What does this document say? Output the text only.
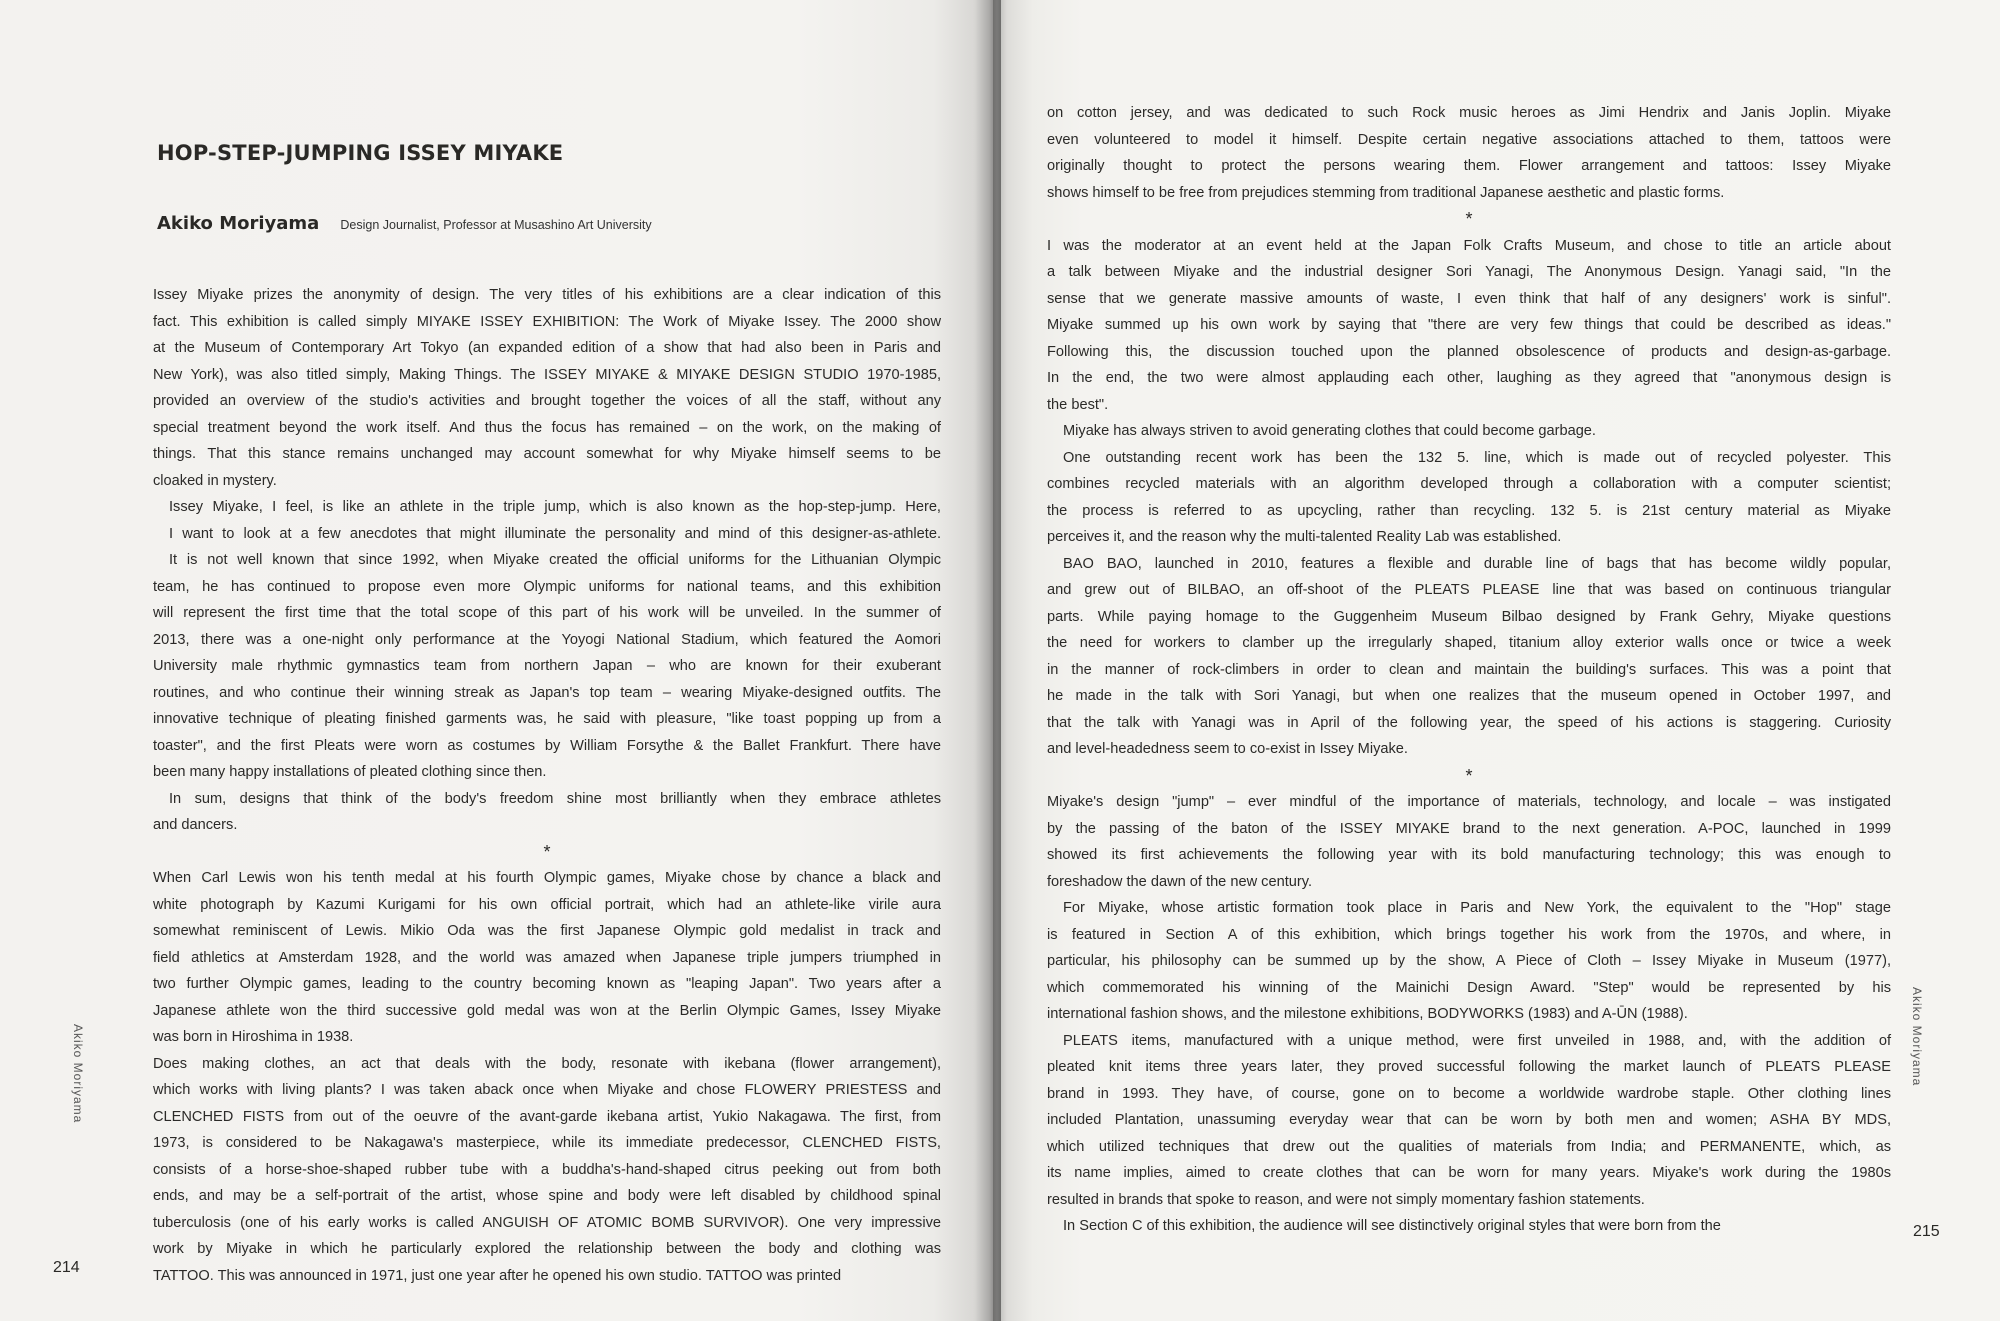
HOP-STEP-JUMPING ISSEY MIYAKE
Akiko Moriyama Design Journalist, Professor at Musashino Art University
Issey Miyake prizes the anonymity of design. The very titles of his exhibitions are a clear indication of this
fact. This exhibition is called simply MIYAKE ISSEY EXHIBITION: The Work of Miyake Issey. The 2000 show
at the Museum of Contemporary Art Tokyo (an expanded edition of a show that had also been in Paris and
New York), was also titled simply, Making Things. The ISSEY MIYAKE & MIYAKE DESIGN STUDIO 1970-1985,
provided an overview of the studio's activities and brought together the voices of all the staff, without any
special treatment beyond the work itself. And thus the focus has remained – on the work, on the making of
things. That this stance remains unchanged may account somewhat for why Miyake himself seems to be
cloaked in mystery.
Issey Miyake, I feel, is like an athlete in the triple jump, which is also known as the hop-step-jump. Here,
I want to look at a few anecdotes that might illuminate the personality and mind of this designer-as-athlete.
It is not well known that since 1992, when Miyake created the official uniforms for the Lithuanian Olympic
team, he has continued to propose even more Olympic uniforms for national teams, and this exhibition
will represent the first time that the total scope of this part of his work will be unveiled. In the summer of
2013, there was a one-night only performance at the Yoyogi National Stadium, which featured the Aomori
University male rhythmic gymnastics team from northern Japan – who are known for their exuberant
routines, and who continue their winning streak as Japan's top team – wearing Miyake-designed outfits. The
innovative technique of pleating finished garments was, he said with pleasure, "like toast popping up from a
toaster", and the first Pleats were worn as costumes by William Forsythe & the Ballet Frankfurt. There have
been many happy installations of pleated clothing since then.
In sum, designs that think of the body's freedom shine most brilliantly when they embrace athletes
and dancers.
*
When Carl Lewis won his tenth medal at his fourth Olympic games, Miyake chose by chance a black and
white photograph by Kazumi Kurigami for his own official portrait, which had an athlete-like virile aura
somewhat reminiscent of Lewis. Mikio Oda was the first Japanese Olympic gold medalist in track and
field athletics at Amsterdam 1928, and the world was amazed when Japanese triple jumpers triumphed in
two further Olympic games, leading to the country becoming known as "leaping Japan". Two years after a
Japanese athlete won the third successive gold medal was won at the Berlin Olympic Games, Issey Miyake
was born in Hiroshima in 1938.
Does making clothes, an act that deals with the body, resonate with ikebana (flower arrangement),
which works with living plants? I was taken aback once when Miyake and chose FLOWERY PRIESTESS and
CLENCHED FISTS from out of the oeuvre of the avant-garde ikebana artist, Yukio Nakagawa. The first, from
1973, is considered to be Nakagawa's masterpiece, while its immediate predecessor, CLENCHED FISTS,
consists of a horse-shoe-shaped rubber tube with a buddha's-hand-shaped citrus peeking out from both
ends, and may be a self-portrait of the artist, whose spine and body were left disabled by childhood spinal
tuberculosis (one of his early works is called ANGUISH OF ATOMIC BOMB SURVIVOR). One very impressive
work by Miyake in which he particularly explored the relationship between the body and clothing was
TATTOO. This was announced in 1971, just one year after he opened his own studio. TATTOO was printed
Akiko Moriyama
214
on cotton jersey, and was dedicated to such Rock music heroes as Jimi Hendrix and Janis Joplin. Miyake
even volunteered to model it himself. Despite certain negative associations attached to them, tattoos were
originally thought to protect the persons wearing them. Flower arrangement and tattoos: Issey Miyake
shows himself to be free from prejudices stemming from traditional Japanese aesthetic and plastic forms.
*
I was the moderator at an event held at the Japan Folk Crafts Museum, and chose to title an article about
a talk between Miyake and the industrial designer Sori Yanagi, The Anonymous Design. Yanagi said, "In the
sense that we generate massive amounts of waste, I even think that half of any designers' work is sinful".
Miyake summed up his own work by saying that "there are very few things that could be described as ideas."
Following this, the discussion touched upon the planned obsolescence of products and design-as-garbage.
In the end, the two were almost applauding each other, laughing as they agreed that "anonymous design is
the best".
Miyake has always striven to avoid generating clothes that could become garbage.
One outstanding recent work has been the 132 5. line, which is made out of recycled polyester. This
combines recycled materials with an algorithm developed through a collaboration with a computer scientist;
the process is referred to as upcycling, rather than recycling. 132 5. is 21st century material as Miyake
perceives it, and the reason why the multi-talented Reality Lab was established.
BAO BAO, launched in 2010, features a flexible and durable line of bags that has become wildly popular,
and grew out of BILBAO, an off-shoot of the PLEATS PLEASE line that was based on continuous triangular
parts. While paying homage to the Guggenheim Museum Bilbao designed by Frank Gehry, Miyake questions
the need for workers to clamber up the irregularly shaped, titanium alloy exterior walls once or twice a week
in the manner of rock-climbers in order to clean and maintain the building's surfaces. This was a point that
he made in the talk with Sori Yanagi, but when one realizes that the museum opened in October 1997, and
that the talk with Yanagi was in April of the following year, the speed of his actions is staggering. Curiosity
and level-headedness seem to co-exist in Issey Miyake.
*
Miyake's design "jump" – ever mindful of the importance of materials, technology, and locale – was instigated
by the passing of the baton of the ISSEY MIYAKE brand to the next generation. A-POC, launched in 1999
showed its first achievements the following year with its bold manufacturing technology; this was enough to
foreshadow the dawn of the new century.
For Miyake, whose artistic formation took place in Paris and New York, the equivalent to the "Hop" stage
is featured in Section A of this exhibition, which brings together his work from the 1970s, and where, in
particular, his philosophy can be summed up by the show, A Piece of Cloth – Issey Miyake in Museum (1977),
which commemorated his winning of the Mainichi Design Award. "Step" would be represented by his
international fashion shows, and the milestone exhibitions, BODYWORKS (1983) and A-ŪN (1988).
PLEATS items, manufactured with a unique method, were first unveiled in 1988, and, with the addition of
pleated knit items three years later, they proved successful following the market launch of PLEATS PLEASE
brand in 1993. They have, of course, gone on to become a worldwide wardrobe staple. Other clothing lines
included Plantation, unassuming everyday wear that can be worn by both men and women; ASHA BY MDS,
which utilized techniques that drew out the qualities of materials from India; and PERMANENTE, which, as
its name implies, aimed to create clothes that can be worn for many years. Miyake's work during the 1980s
resulted in brands that spoke to reason, and were not simply momentary fashion statements.
In Section C of this exhibition, the audience will see distinctively original styles that were born from the
Akiko Moriyama
215
